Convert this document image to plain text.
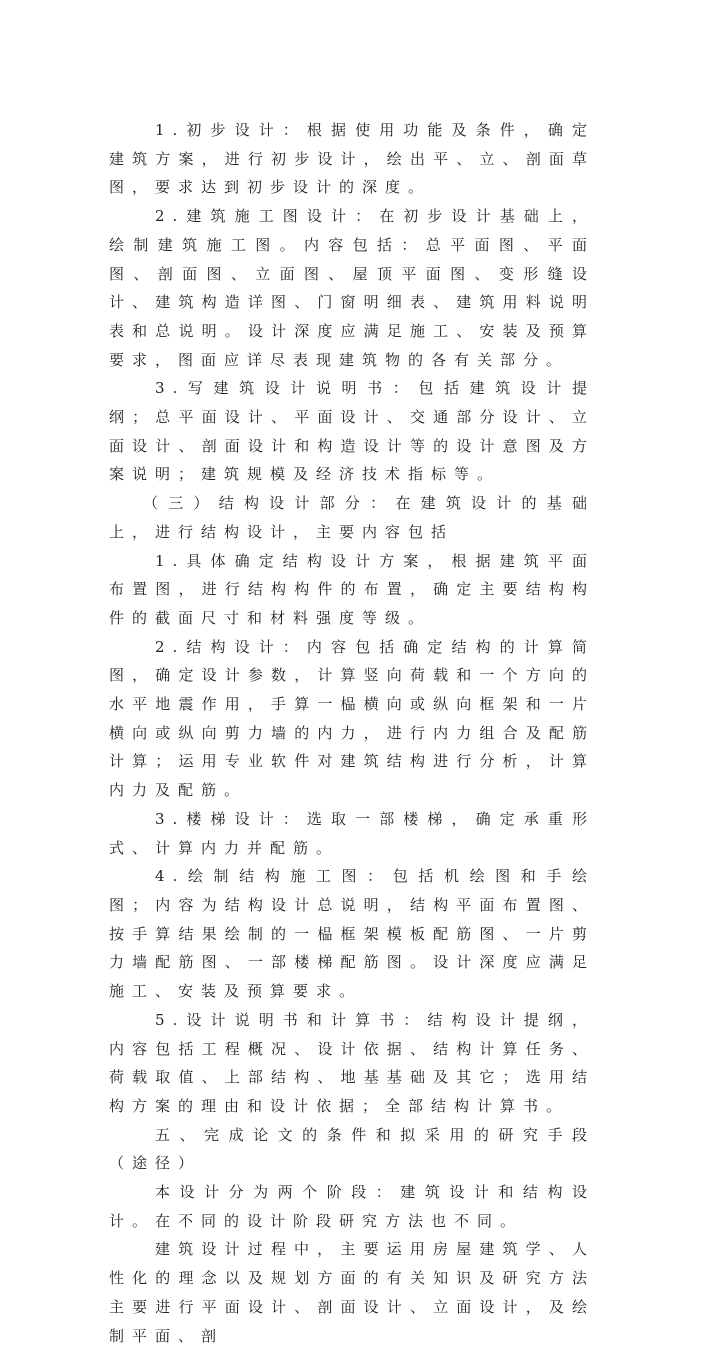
1.初步设计：根据使用功能及条件，确定建筑方案，进行初步设计，绘出平、立、剖面草图，要求达到初步设计的深度。

2.建筑施工图设计：在初步设计基础上，绘制建筑施工图。内容包括：总平面图、平面图、剖面图、立面图、屋顶平面图、变形缝设计、建筑构造详图、门窗明细表、建筑用料说明表和总说明。设计深度应满足施工、安装及预算要求，图面应详尽表现建筑物的各有关部分。

3.写建筑设计说明书：包括建筑设计提纲；总平面设计、平面设计、交通部分设计、立面设计、剖面设计和构造设计等的设计意图及方案说明；建筑规模及经济技术指标等。

（三）结构设计部分：在建筑设计的基础上，进行结构设计，主要内容包括

1.具体确定结构设计方案，根据建筑平面布置图，进行结构构件的布置，确定主要结构构件的截面尺寸和材料强度等级。

2.结构设计：内容包括确定结构的计算简图，确定设计参数，计算竖向荷载和一个方向的水平地震作用，手算一榀横向或纵向框架和一片横向或纵向剪力墙的内力，进行内力组合及配筋计算；运用专业软件对建筑结构进行分析，计算内力及配筋。

3.楼梯设计：选取一部楼梯，确定承重形式、计算内力并配筋。

4.绘制结构施工图：包括机绘图和手绘图；内容为结构设计总说明，结构平面布置图、按手算结果绘制的一榀框架模板配筋图、一片剪力墙配筋图、一部楼梯配筋图。设计深度应满足施工、安装及预算要求。

5.设计说明书和计算书：结构设计提纲，内容包括工程概况、设计依据、结构计算任务、荷载取值、上部结构、地基基础及其它；选用结构方案的理由和设计依据；全部结构计算书。

五、完成论文的条件和拟采用的研究手段（途径）

本设计分为两个阶段：建筑设计和结构设计。在不同的设计阶段研究方法也不同。

建筑设计过程中，主要运用房屋建筑学、人性化的理念以及规划方面的有关知识及研究方法主要进行平面设计、剖面设计、立面设计，及绘制平面、剖
